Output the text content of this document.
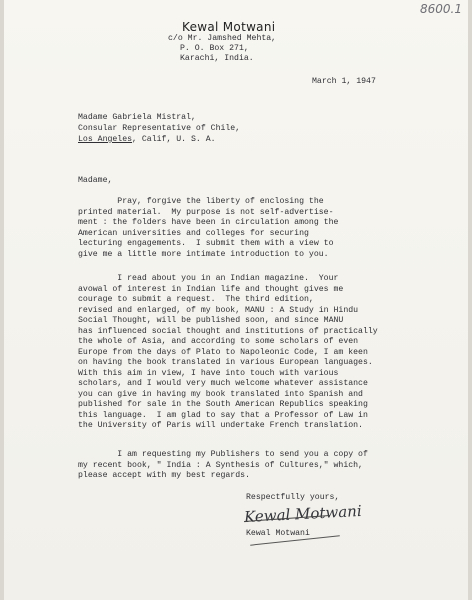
8600.1
Kewal Motwani
c/o Mr. Jamshed Mehta,
P. O. Box 271,
Karachi, India.
March 1, 1947
Madame Gabriela Mistral,
Consular Representative of Chile,
Los Angeles, Calif, U. S. A.
Madame,
Pray, forgive the liberty of enclosing the
printed material.  My purpose is not self-advertise-
ment : the folders have been in circulation among the
American universities and colleges for securing
lecturing engagements.  I submit them with a view to
give me a little more intimate introduction to you.
I read about you in an Indian magazine.  Your
avowal of interest in Indian life and thought gives me
courage to submit a request.  The third edition,
revised and enlarged, of my book, MANU : A Study in Hindu
Social Thought, will be published soon, and since MANU
has influenced social thought and institutions of practically
the whole of Asia, and according to some scholars of even
Europe from the days of Plato to Napoleonic Code, I am keen
on having the book translated in various European languages.
With this aim in view, I have into touch with various
scholars, and I would very much welcome whatever assistance
you can give in having my book translated into Spanish and
published for sale in the South American Republics speaking
this language.  I am glad to say that a Professor of Law in
the University of Paris will undertake French translation.
I am requesting my Publishers to send you a copy of
my recent book, " India : A Synthesis of Cultures," which,
please accept with my best regards.
Respectfully yours,
Kewal Motwani
Kewal Motwani
